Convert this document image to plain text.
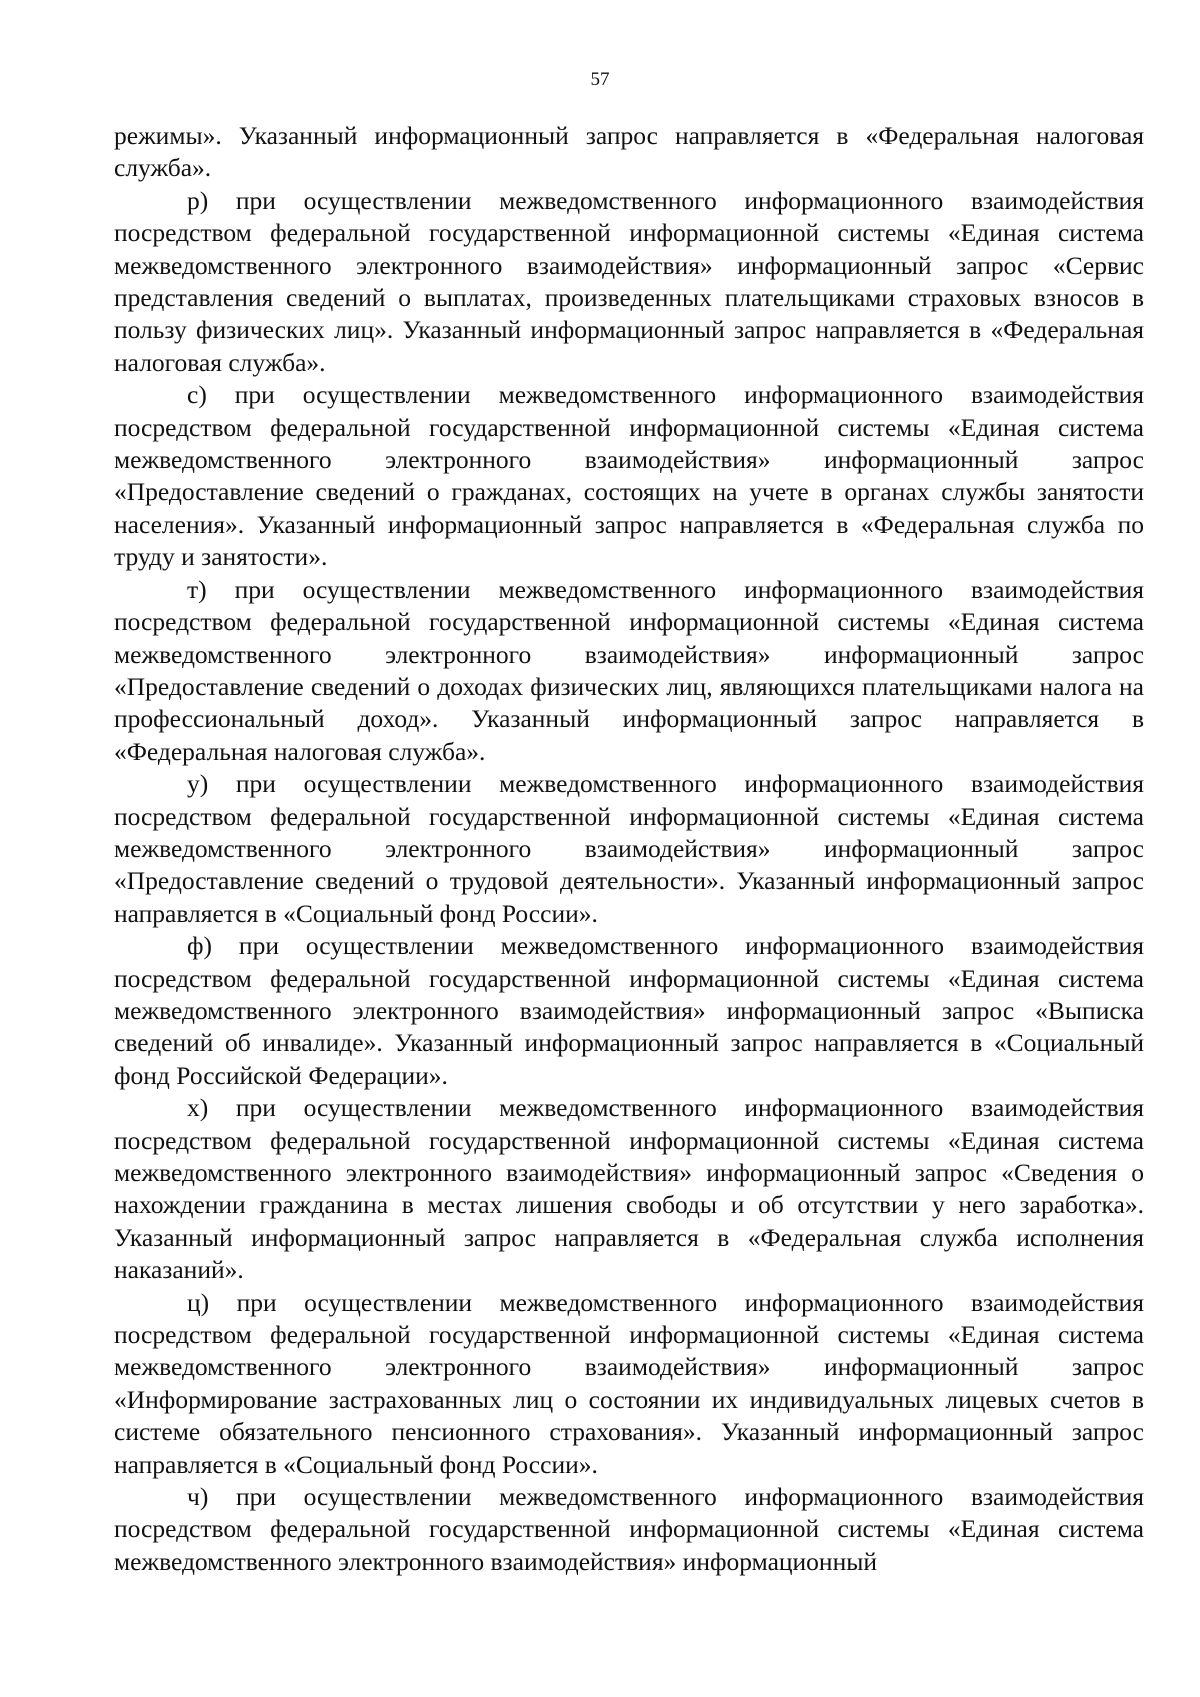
57

режимы». Указанный информационный запрос направляется в «Федеральная налоговая служба».

р) при осуществлении межведомственного информационного взаимодействия посредством федеральной государственной информационной системы «Единая система межведомственного электронного взаимодействия» информационный запрос «Сервис представления сведений о выплатах, произведенных плательщиками страховых взносов в пользу физических лиц». Указанный информационный запрос направляется в «Федеральная налоговая служба».

с) при осуществлении межведомственного информационного взаимодействия посредством федеральной государственной информационной системы «Единая система межведомственного электронного взаимодействия» информационный запрос «Предоставление сведений о гражданах, состоящих на учете в органах службы занятости населения». Указанный информационный запрос направляется в «Федеральная служба по труду и занятости».

т) при осуществлении межведомственного информационного взаимодействия посредством федеральной государственной информационной системы «Единая система межведомственного электронного взаимодействия» информационный запрос «Предоставление сведений о доходах физических лиц, являющихся плательщиками налога на профессиональный доход». Указанный информационный запрос направляется в «Федеральная налоговая служба».

у) при осуществлении межведомственного информационного взаимодействия посредством федеральной государственной информационной системы «Единая система межведомственного электронного взаимодействия» информационный запрос «Предоставление сведений о трудовой деятельности». Указанный информационный запрос направляется в «Социальный фонд России».

ф) при осуществлении межведомственного информационного взаимодействия посредством федеральной государственной информационной системы «Единая система межведомственного электронного взаимодействия» информационный запрос «Выписка сведений об инвалиде». Указанный информационный запрос направляется в «Социальный фонд Российской Федерации».

х) при осуществлении межведомственного информационного взаимодействия посредством федеральной государственной информационной системы «Единая система межведомственного электронного взаимодействия» информационный запрос «Сведения о нахождении гражданина в местах лишения свободы и об отсутствии у него заработка». Указанный информационный запрос направляется в «Федеральная служба исполнения наказаний».

ц) при осуществлении межведомственного информационного взаимодействия посредством федеральной государственной информационной системы «Единая система межведомственного электронного взаимодействия» информационный запрос «Информирование застрахованных лиц о состоянии их индивидуальных лицевых счетов в системе обязательного пенсионного страхования». Указанный информационный запрос направляется в «Социальный фонд России».

ч) при осуществлении межведомственного информационного взаимодействия посредством федеральной государственной информационной системы «Единая система межведомственного электронного взаимодействия» информационный
